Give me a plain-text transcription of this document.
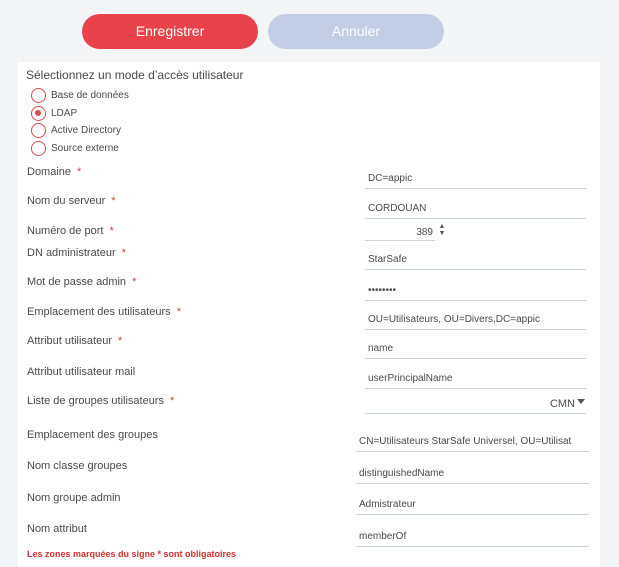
Enregistrer	Annuler
Sélectionnez un mode d’accès utilisateur
Base de données
LDAP
Active Directory
Source externe
Domaine *
DC=appic
Nom du serveur *
CORDOUAN
Numéro de port *	389
▲
▼
DN administrateur *
StarSafe
Mot de passe admin *
••••••••
Emplacement des utilisateurs *
OU=Utilisateurs, OU=Divers,DC=appic
Attribut utilisateur *
name
Attribut utilisateur mail
userPrincipalName
Liste de groupes utilisateurs *	CMN
Emplacement des groupes
CN=Utilisateurs StarSafe Universel, OU=Utilisat
Nom classe groupes
distinguishedName
Nom groupe admin
Admistrateur
Nom attribut
memberOf
Les zones marquées du signe * sont obligatoires
